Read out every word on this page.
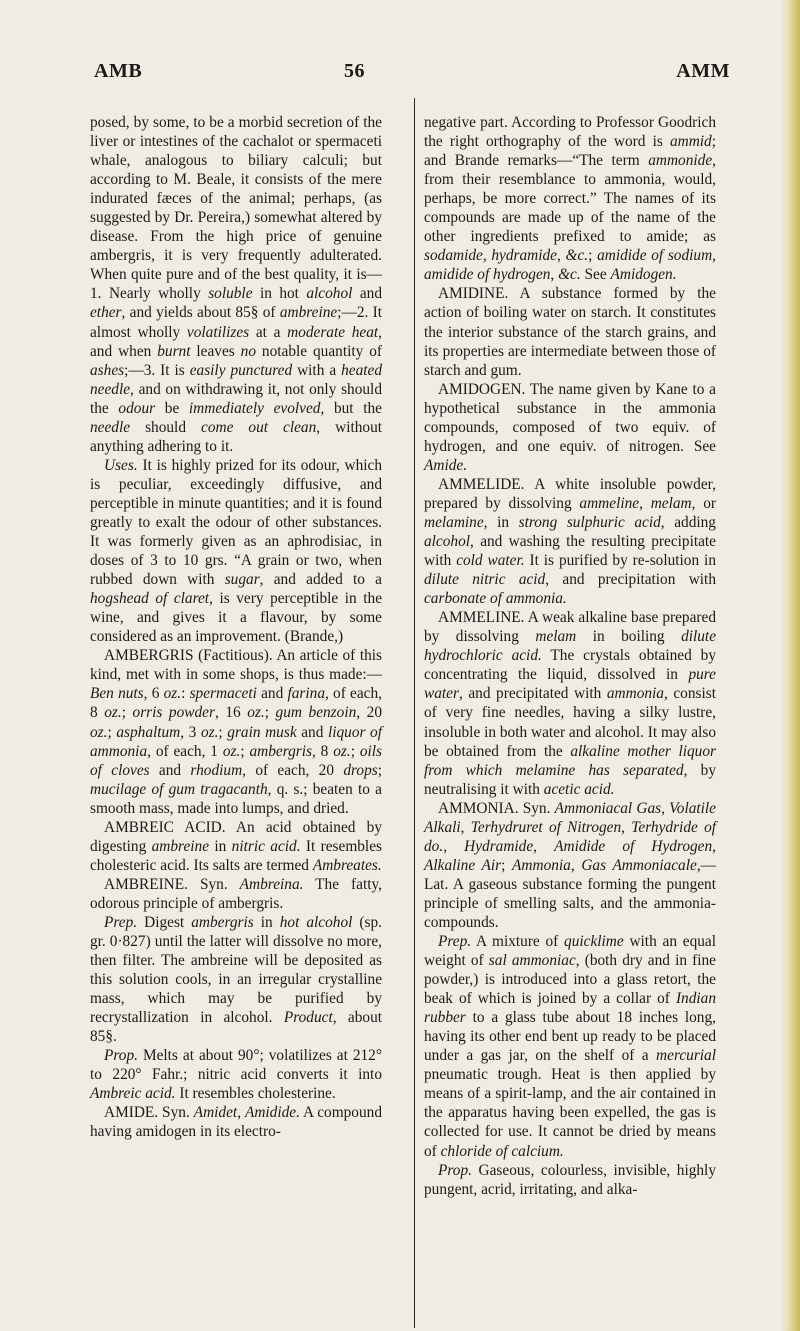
AMB	56	AMM

posed, by some, to be a morbid secretion of the liver or intestines of the cachalot or spermaceti whale, analogous to biliary calculi; but according to M. Beale, it consists of the mere indurated fæces of the animal; perhaps, (as suggested by Dr. Pereira,) somewhat altered by disease. From the high price of genuine ambergris, it is very frequently adulterated. When quite pure and of the best quality, it is—1. Nearly wholly soluble in hot alcohol and ether, and yields about 85§ of ambreine;—2. It almost wholly volatilizes at a moderate heat, and when burnt leaves no notable quantity of ashes;—3. It is easily punctured with a heated needle, and on withdrawing it, not only should the odour be immediately evolved, but the needle should come out clean, without anything adhering to it.

Uses. It is highly prized for its odour, which is peculiar, exceedingly diffusive, and perceptible in minute quantities; and it is found greatly to exalt the odour of other substances. It was formerly given as an aphrodisiac, in doses of 3 to 10 grs. “A grain or two, when rubbed down with sugar, and added to a hogshead of claret, is very perceptible in the wine, and gives it a flavour, by some considered as an improvement. (Brande,)

AMBERGRIS (Factitious). An article of this kind, met with in some shops, is thus made:—Ben nuts, 6 oz.: spermaceti and farina, of each, 8 oz.; orris powder, 16 oz.; gum benzoin, 20 oz.; asphaltum, 3 oz.; grain musk and liquor of ammonia, of each, 1 oz.; ambergris, 8 oz.; oils of cloves and rhodium, of each, 20 drops; mucilage of gum tragacanth, q. s.; beaten to a smooth mass, made into lumps, and dried.

AMBREIC ACID. An acid obtained by digesting ambreine in nitric acid. It resembles cholesteric acid. Its salts are termed Ambreates.

AMBREINE. Syn. Ambreina. The fatty, odorous principle of ambergris.

Prep. Digest ambergris in hot alcohol (sp. gr. 0·827) until the latter will dissolve no more, then filter. The ambreine will be deposited as this solution cools, in an irregular crystalline mass, which may be purified by recrystallization in alcohol. Product, about 85§.

Prop. Melts at about 90°; volatilizes at 212° to 220° Fahr.; nitric acid converts it into Ambreic acid. It resembles cholesterine.

AMIDE. Syn. Amidet, Amidide. A compound having amidogen in its electro-

negative part. According to Professor Goodrich the right orthography of the word is ammid; and Brande remarks—“The term ammonide, from their resemblance to ammonia, would, perhaps, be more correct.” The names of its compounds are made up of the name of the other ingredients prefixed to amide; as sodamide, hydramide, &c.; amidide of sodium, amidide of hydrogen, &c. See Amidogen.

AMIDINE. A substance formed by the action of boiling water on starch. It constitutes the interior substance of the starch grains, and its properties are intermediate between those of starch and gum.

AMIDOGEN. The name given by Kane to a hypothetical substance in the ammonia compounds, composed of two equiv. of hydrogen, and one equiv. of nitrogen. See Amide.

AMMELIDE. A white insoluble powder, prepared by dissolving ammeline, melam, or melamine, in strong sulphuric acid, adding alcohol, and washing the resulting precipitate with cold water. It is purified by re-solution in dilute nitric acid, and precipitation with carbonate of ammonia.

AMMELINE. A weak alkaline base prepared by dissolving melam in boiling dilute hydrochloric acid. The crystals obtained by concentrating the liquid, dissolved in pure water, and precipitated with ammonia, consist of very fine needles, having a silky lustre, insoluble in both water and alcohol. It may also be obtained from the alkaline mother liquor from which melamine has separated, by neutralising it with acetic acid.

AMMONIA. Syn. Ammoniacal Gas, Volatile Alkali, Terhydruret of Nitrogen, Terhydride of do., Hydramide, Amidide of Hydrogen, Alkaline Air; Ammonia, Gas Ammoniacale,—Lat. A gaseous substance forming the pungent principle of smelling salts, and the ammonia-compounds.

Prep. A mixture of quicklime with an equal weight of sal ammoniac, (both dry and in fine powder,) is introduced into a glass retort, the beak of which is joined by a collar of Indian rubber to a glass tube about 18 inches long, having its other end bent up ready to be placed under a gas jar, on the shelf of a mercurial pneumatic trough. Heat is then applied by means of a spirit-lamp, and the air contained in the apparatus having been expelled, the gas is collected for use. It cannot be dried by means of chloride of calcium.

Prop. Gaseous, colourless, invisible, highly pungent, acrid, irritating, and alka-
